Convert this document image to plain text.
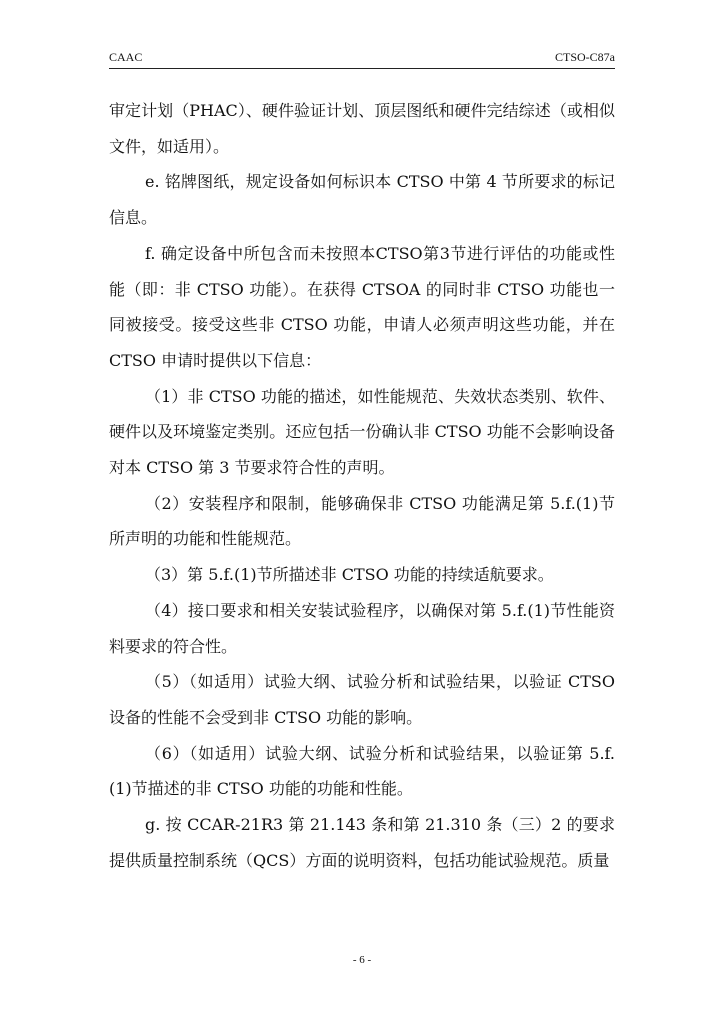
CAAC	CTSO-C87a

审定计划（PHAC）、硬件验证计划、顶层图纸和硬件完结综述（或相似文件，如适用）。

e. 铭牌图纸，规定设备如何标识本 CTSO 中第 4 节所要求的标记信息。

f. 确定设备中所包含而未按照本CTSO第3节进行评估的功能或性能（即：非 CTSO 功能）。在获得 CTSOA 的同时非 CTSO 功能也一同被接受。接受这些非 CTSO 功能，申请人必须声明这些功能，并在 CTSO 申请时提供以下信息：

（1）非 CTSO 功能的描述，如性能规范、失效状态类别、软件、硬件以及环境鉴定类别。还应包括一份确认非 CTSO 功能不会影响设备对本 CTSO 第 3 节要求符合性的声明。

（2）安装程序和限制，能够确保非 CTSO 功能满足第 5.f.(1)节所声明的功能和性能规范。

（3）第 5.f.(1)节所描述非 CTSO 功能的持续适航要求。

（4）接口要求和相关安装试验程序，以确保对第 5.f.(1)节性能资料要求的符合性。

（5）（如适用）试验大纲、试验分析和试验结果，以验证 CTSO 设备的性能不会受到非 CTSO 功能的影响。

（6）（如适用）试验大纲、试验分析和试验结果，以验证第 5.f.(1)节描述的非 CTSO 功能的功能和性能。

g. 按 CCAR-21R3 第 21.143 条和第 21.310 条（三）2 的要求提供质量控制系统（QCS）方面的说明资料，包括功能试验规范。质量

- 6 -
